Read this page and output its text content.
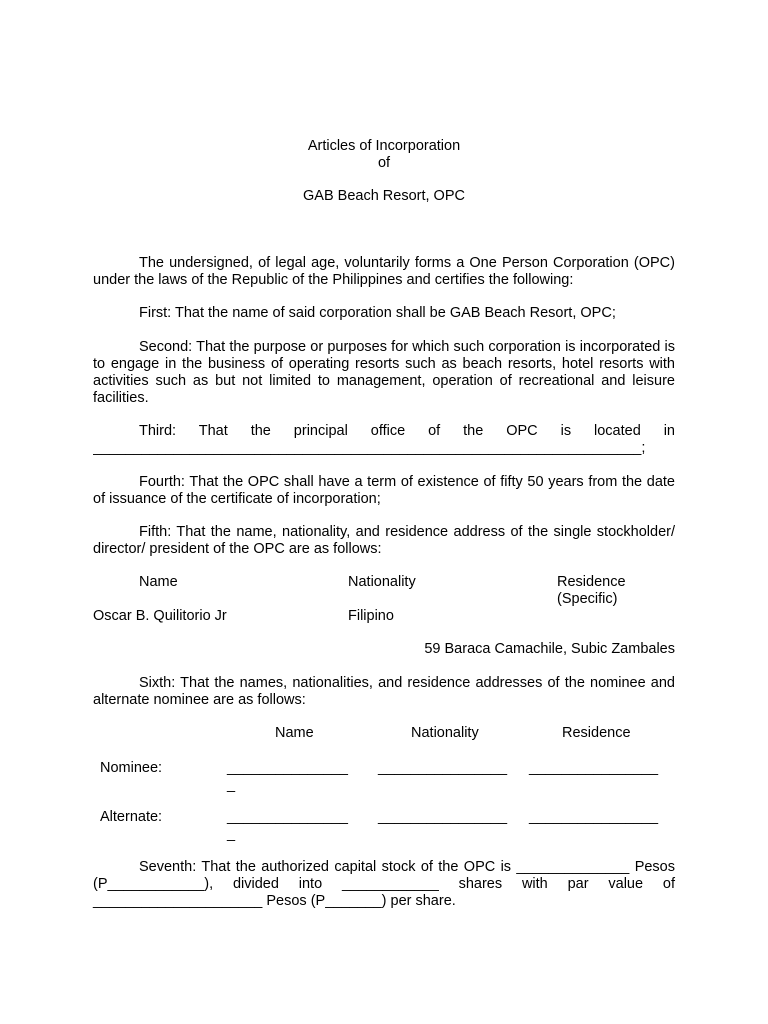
Articles of Incorporation
of
GAB Beach Resort, OPC
The undersigned, of legal age, voluntarily forms a One Person Corporation (OPC) under the laws of the Republic of the Philippines and certifies the following:
First: That the name of said corporation shall be GAB Beach Resort, OPC;
Second: That the purpose or purposes for which such corporation is incorporated is to engage in the business of operating resorts such as beach resorts, hotel resorts with activities such as but not limited to management, operation of recreational and leisure facilities.
Third: That the principal office of the OPC is located in
____________________________________________________________________;
Fourth: That the OPC shall have a term of existence of fifty 50 years from the date of issuance of the certificate of incorporation;
Fifth: That the name, nationality, and residence address of the single stockholder/ director/ president of the OPC are as follows:
Name	Nationality	Residence
(Specific)
Oscar B. Quilitorio Jr	Filipino
59 Baraca Camachile, Subic Zambales
Sixth: That the names, nationalities, and residence addresses of the nominee and alternate nominee are as follows:
Name	Nationality	Residence
Nominee:	_______________ ________________ ________________
_
Alternate:	_______________ ________________ ________________
_
Seventh: That the authorized capital stock of the OPC is ______________ Pesos (P____________), divided into ____________ shares with par value of _____________________ Pesos (P_______) per share.
